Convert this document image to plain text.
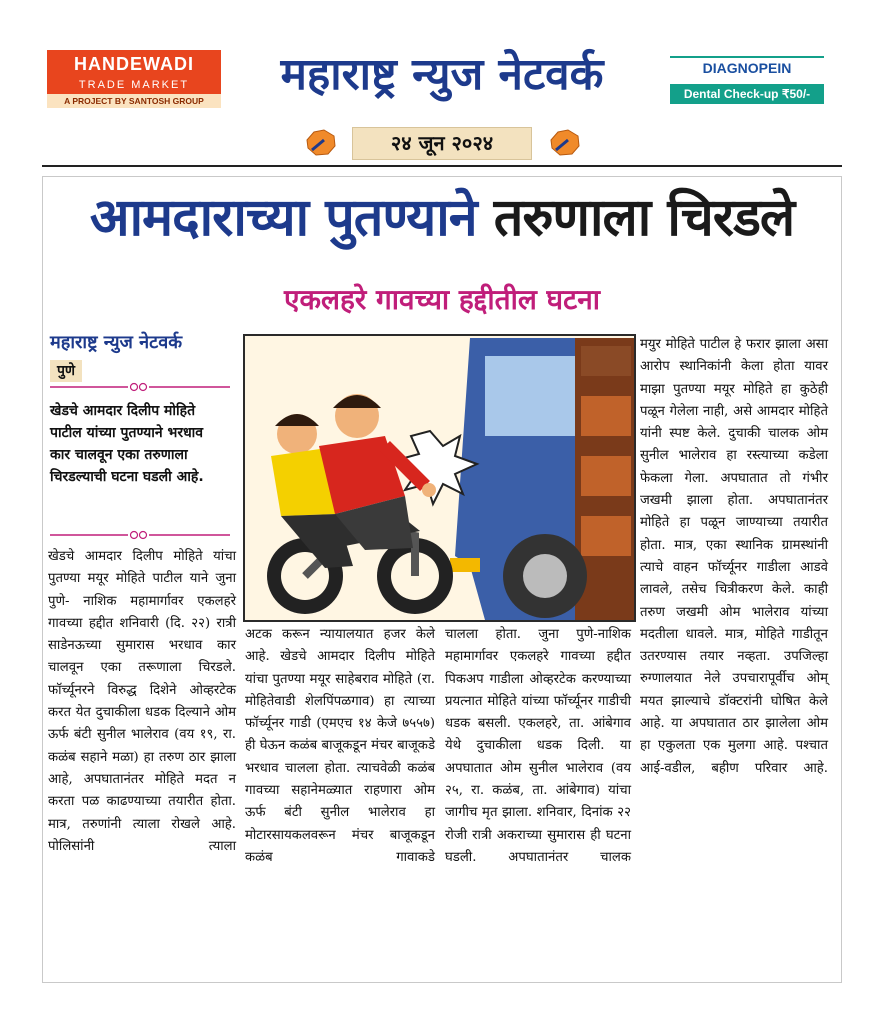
HANDEWADI
TRADE MARKET
A PROJECT BY SANTOSH GROUP
महाराष्ट्र न्युज नेटवर्क	DIAGNOPEIN
Dental Check-up ₹50/-
२४ जून २०२४
आमदाराच्या पुतण्याने तरुणाला चिरडले
एकलहरे गावच्या हद्दीतील घटना
महाराष्ट्र न्युज नेटवर्क
पुणे
खेडचे आमदार दिलीप मोहिते पाटील यांच्या पुतण्याने भरधाव कार चालवून एका तरुणाला चिरडल्याची घटना घडली आहे.
खेडचे आमदार दिलीप मोहिते यांचा पुतण्या मयूर मोहिते पाटील याने जुना पुणे- नाशिक महामार्गावर एकलहरे गावच्या हद्दीत शनिवारी (दि. २२) रात्री साडेनऊच्या सुमारास भरधाव कार चालवून एका तरूणाला चिरडले. फॉर्च्यूनरने विरुद्ध दिशेने ओव्हरटेक करत येत दुचाकीला धडक दिल्याने ओम ऊर्फ बंटी सुनील भालेराव (वय १९, रा. कळंब सहाने मळा) हा तरुण ठार झाला आहे, अपघातानंतर मोहिते मदत न करता पळ काढण्याच्या तयारीत होता. मात्र, तरुणांनी त्याला रोखले आहे. पोलिसांनी त्याला
अटक करून न्यायालयात हजर केले आहे. खेडचे आमदार दिलीप मोहिते यांचा पुतण्या मयूर साहेबराव मोहिते (रा. मोहितेवाडी शेलपिंपळगाव) हा त्याच्या फॉर्च्यूनर गाडी (एमएच १४ केजे ७५५७) ही घेऊन कळंब बाजूकडून मंचर बाजूकडे भरधाव चालला होता. त्याचवेळी कळंब गावच्या सहानेमळ्यात राहणारा ओम ऊर्फ बंटी सुनील भालेराव हा मोटारसायकलवरून मंचर बाजूकडून कळंब गावाकडे
चालला होता. जुना पुणे-नाशिक महामार्गावर एकलहरे गावच्या हद्दीत पिकअप गाडीला ओव्हरटेक करण्याच्या प्रयत्नात मोहिते यांच्या फॉर्च्यूनर गाडीची धडक बसली. एकलहरे, ता. आंबेगाव येथे दुचाकीला धडक दिली. या अपघातात ओम सुनील भालेराव (वय २५, रा. कळंब, ता. आंबेगाव) यांचा जागीच मृत झाला. शनिवार, दिनांक २२ रोजी रात्री अकराच्या सुमारास ही घटना घडली. अपघातानंतर चालक
मयुर मोहिते पाटील हे फरार झाला असा आरोप स्थानिकांनी केला होता यावर माझा पुतण्या मयूर मोहिते हा कुठेही पळून गेलेला नाही, असे आमदार मोहिते यांनी स्पष्ट केले. दुचाकी चालक ओम सुनील भालेराव हा रस्त्याच्या कडेला फेकला गेला. अपघातात तो गंभीर जखमी झाला होता. अपघातानंतर मोहिते हा पळून जाण्याच्या तयारीत होता. मात्र, एका स्थानिक ग्रामस्थांनी त्याचे वाहन फॉर्च्यूनर गाडीला आडवे लावले, तसेच चित्रीकरण केले. काही तरुण जखमी ओम भालेराव यांच्या मदतीला धावले. मात्र, मोहिते गाडीतून उतरण्यास तयार नव्हता. उपजिल्हा रुग्णालयात नेले उपचारापूर्वीच ओम् मयत झाल्याचे डॉक्टरांनी घोषित केले आहे. या अपघातात ठार झालेला ओम हा एकुलता एक मुलगा आहे. पश्चात आई-वडील, बहीण परिवार आहे.
